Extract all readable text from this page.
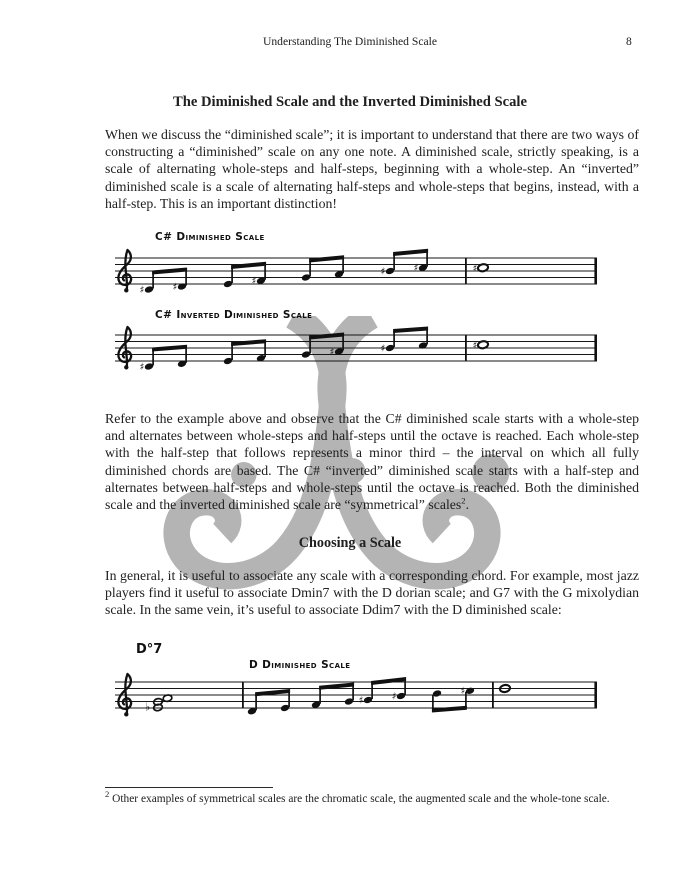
Understanding The Diminished Scale	8
The Diminished Scale and the Inverted Diminished Scale
When we discuss the “diminished scale”; it is important to understand that there are two ways of constructing a “diminished” scale on any one note. A diminished scale, strictly speaking, is a scale of alternating whole-steps and half-steps, beginning with a whole-step. An “inverted” diminished scale is a scale of alternating half-steps and whole-steps that begins, instead, with a half-step. This is an important distinction!
C# Diminished Scale
♯	♯
♯
♯	♯	♯
C# Inverted Diminished Scale
♯
♯	♯	♯
Refer to the example above and observe that the C# diminished scale starts with a whole-step and alternates between whole-steps and half-steps until the octave is reached. Each whole-step with the half-step that follows represents a minor third – the interval on which all fully diminished chords are based. The C# “inverted” diminished scale starts with a half-step and alternates between half-steps and whole-steps until the octave is reached. Both the diminished scale and the inverted diminished scale are “symmetrical” scales$^2$.
Choosing a Scale
In general, it is useful to associate any scale with a corresponding chord. For example, most jazz players find it useful to associate Dmin7 with the D dorian scale; and G7 with the G mixolydian scale. In the same vein, it’s useful to associate Ddim7 with the D diminished scale:
D°7
D Diminished Scale
♭	♯	♯	♯
$^2$ Other examples of symmetrical scales are the chromatic scale, the augmented scale and the whole-tone scale.
